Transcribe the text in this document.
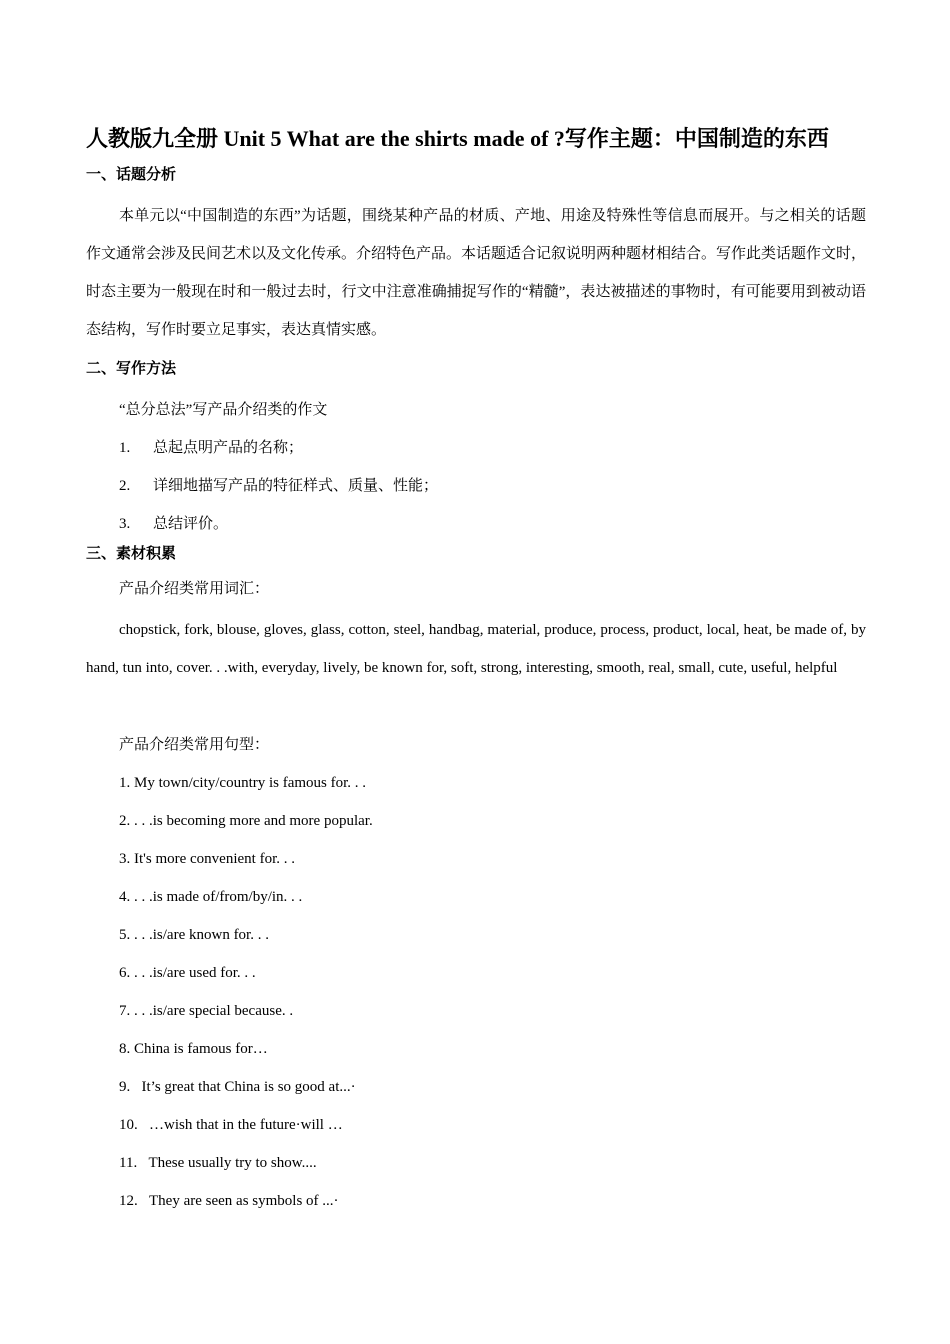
人教版九全册 Unit 5 What are the shirts made of ?写作主题：中国制造的东西
一、话题分析
本单元以“中国制造的东西”为话题，围绕某种产品的材质、产地、用途及特殊性等信息而展开。与之相关的话题作文通常会涉及民间艺术以及文化传承。介绍特色产品。本话题适合记叙说明两种题材相结合。写作此类话题作文时，时态主要为一般现在时和一般过去时，行文中注意准确捕捉写作的“精髓”，表达被描述的事物时，有可能要用到被动语态结构，写作时要立足事实，表达真情实感。
二、写作方法
“总分总法”写产品介绍类的作文
1. 总起点明产品的名称；
2. 详细地描写产品的特征样式、质量、性能；
3. 总结评价。
三、素材积累
产品介绍类常用词汇：
chopstick, fork, blouse, gloves, glass, cotton, steel, handbag, material, produce, process, product, local, heat, be made of, by hand, tun into, cover. . .with, everyday, lively, be known for, soft, strong, interesting, smooth, real, small, cute, useful, helpful
产品介绍类常用句型：
1. My town/city/country is famous for. . .
2. . . .is becoming more and more popular.
3. It's more convenient for. . .
4. . . .is made of/from/by/in. . .
5. . . .is/are known for. . .
6. . . .is/are used for. . .
7. . . .is/are special because. .
8. China is famous for…
9.   It’s great that China is so good at...·
10.   …wish that in the future·will …
11.   These usually try to show....
12.   They are seen as symbols of ...·
